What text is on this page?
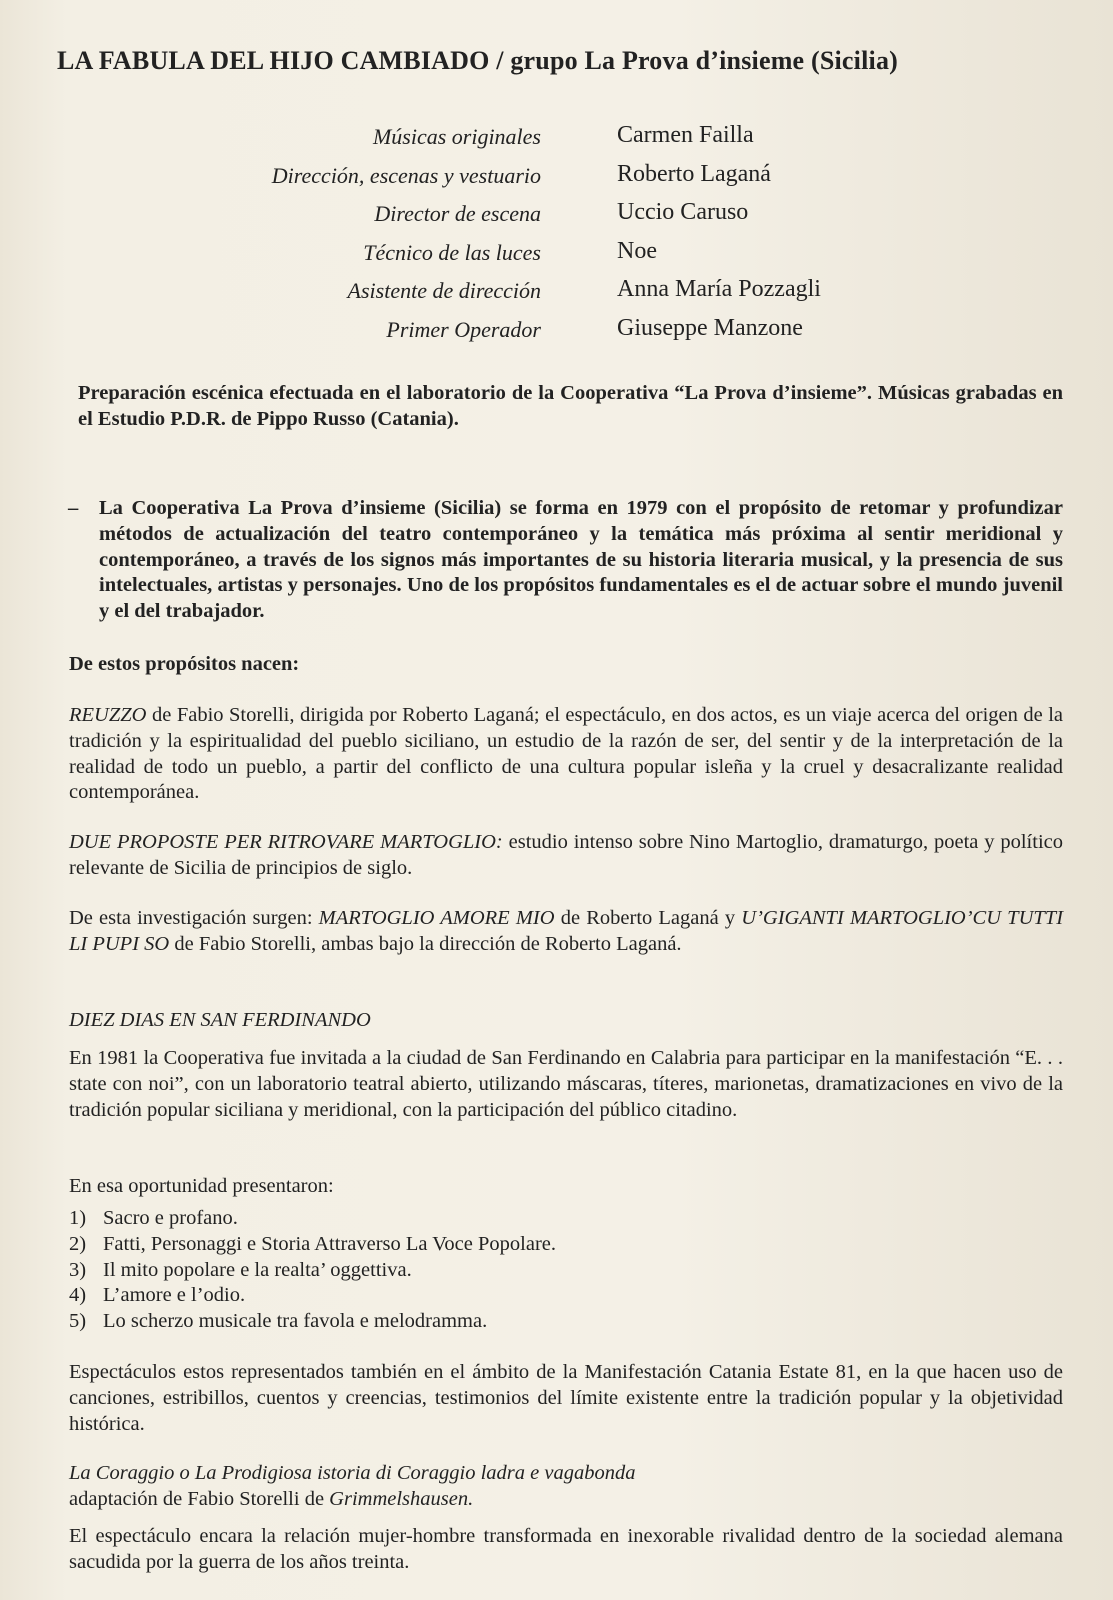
LA FABULA DEL HIJO CAMBIADO / grupo La Prova d’insieme (Sicilia)
Músicas originales	Carmen Failla
Dirección, escenas y vestuario	Roberto Laganá
Director de escena	Uccio Caruso
Técnico de las luces	Noe
Asistente de dirección	Anna María Pozzagli
Primer Operador	Giuseppe Manzone

Preparación escénica efectuada en el laboratorio de la Cooperativa “La Prova d’insieme”. Músicas grabadas en el Estudio P.D.R. de Pippo Russo (Catania).

– La Cooperativa La Prova d’insieme (Sicilia) se forma en 1979 con el propósito de retomar y profundizar métodos de actualización del teatro contemporáneo y la temática más próxima al sentir meridional y contemporáneo, a través de los signos más importantes de su historia literaria musical, y la presencia de sus intelectuales, artistas y personajes. Uno de los propósitos fundamentales es el de actuar sobre el mundo juvenil y el del trabajador.

De estos propósitos nacen:

REUZZO de Fabio Storelli, dirigida por Roberto Laganá; el espectáculo, en dos actos, es un viaje acerca del origen de la tradición y la espiritualidad del pueblo siciliano, un estudio de la razón de ser, del sentir y de la interpretación de la realidad de todo un pueblo, a partir del conflicto de una cultura popular isleña y la cruel y desacralizante realidad contemporánea.

DUE PROPOSTE PER RITROVARE MARTOGLIO: estudio intenso sobre Nino Martoglio, dramaturgo, poeta y político relevante de Sicilia de principios de siglo.

De esta investigación surgen: MARTOGLIO AMORE MIO de Roberto Laganá y U’GIGANTI MARTOGLIO’CU TUTTI LI PUPI SO de Fabio Storelli, ambas bajo la dirección de Roberto Laganá.

DIEZ DIAS EN SAN FERDINANDO

En 1981 la Cooperativa fue invitada a la ciudad de San Ferdinando en Calabria para participar en la manifestación “E. . . state con noi”, con un laboratorio teatral abierto, utilizando máscaras, títeres, marionetas, dramatizaciones en vivo de la tradición popular siciliana y meridional, con la participación del público citadino.

En esa oportunidad presentaron:

1) Sacro e profano.
2) Fatti, Personaggi e Storia Attraverso La Voce Popolare.
3) Il mito popolare e la realta’ oggettiva.
4) L’amore e l’odio.
5) Lo scherzo musicale tra favola e melodramma.

Espectáculos estos representados también en el ámbito de la Manifestación Catania Estate 81, en la que hacen uso de canciones, estribillos, cuentos y creencias, testimonios del límite existente entre la tradición popular y la objetividad histórica.

La Coraggio o La Prodigiosa istoria di Coraggio ladra e vagabonda

adaptación de Fabio Storelli de Grimmelshausen.

El espectáculo encara la relación mujer-hombre transformada en inexorable rivalidad dentro de la sociedad alemana sacudida por la guerra de los años treinta.
